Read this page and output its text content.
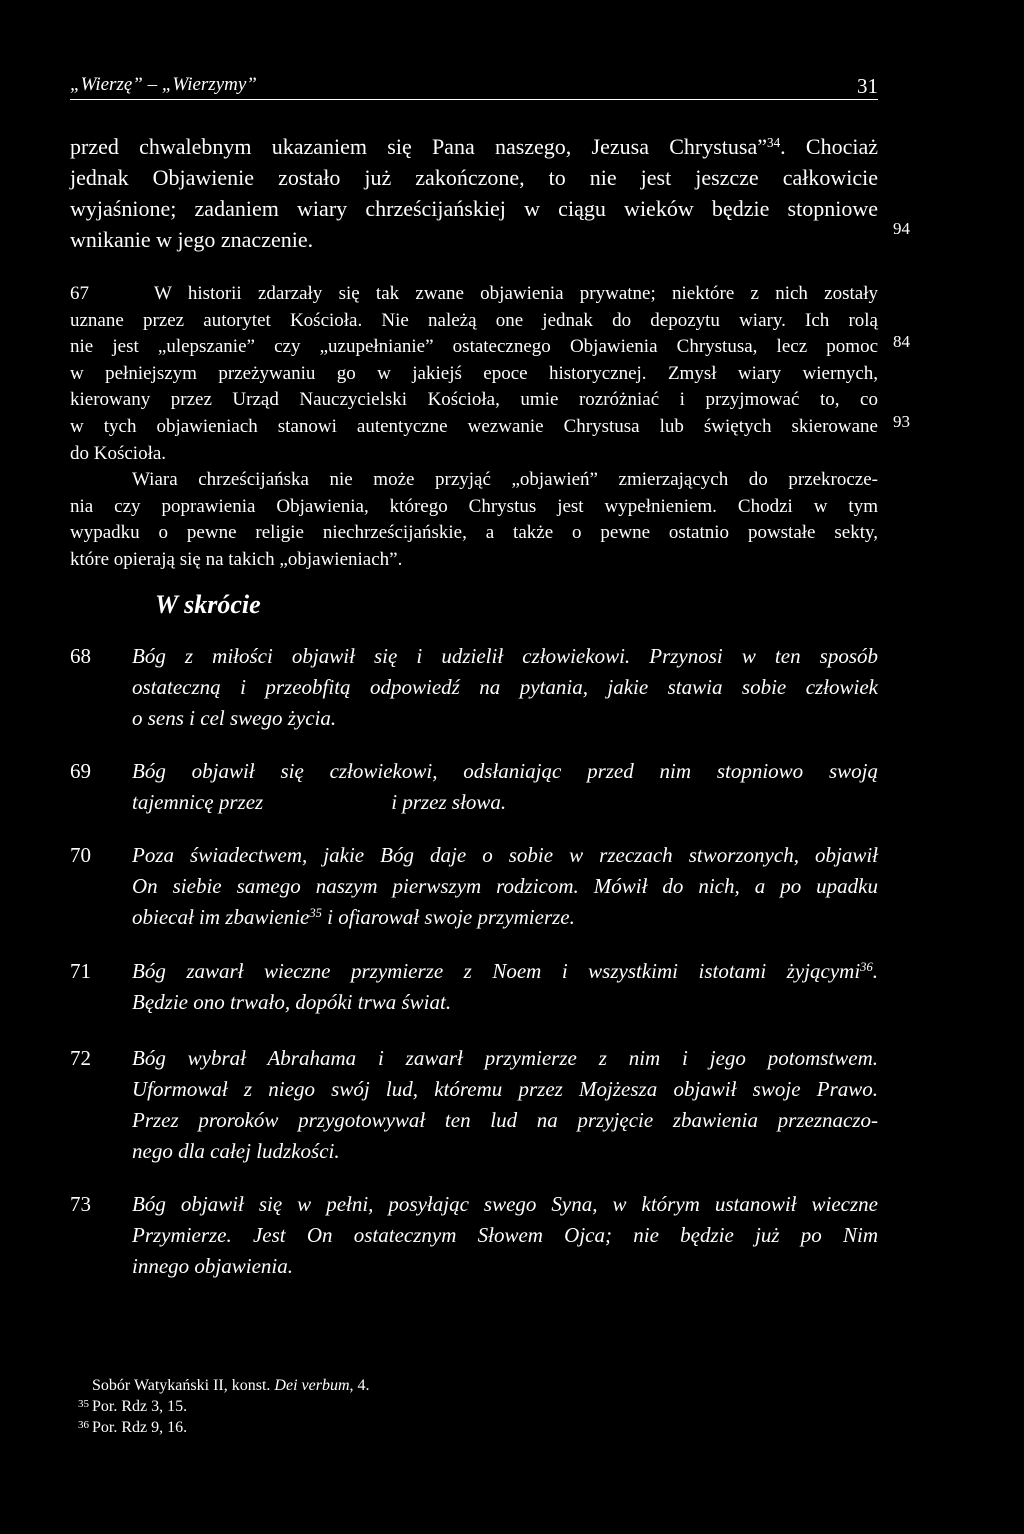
„Wierzę” – „Wierzymy”	31
przed chwalebnym ukazaniem się Pana naszego, Jezusa Chrystusa”$^{34}$. Chociaż
jednak Objawienie zostało już zakończone, to nie jest jeszcze całkowicie
wyjaśnione; zadaniem wiary chrześcijańskiej w ciągu wieków będzie stopniowe
wnikanie w jego znaczenie.	94
67	W historii zdarzały się tak zwane objawienia prywatne; niektóre z nich zostały
uznane przez autorytet Kościoła. Nie należą one jednak do depozytu wiary. Ich rolą
nie jest „ulepszanie” czy „uzupełnianie” ostatecznego Objawienia Chrystusa, lecz pomoc
w pełniejszym przeżywaniu go w jakiejś epoce historycznej. Zmysł wiary wiernych,
kierowany przez Urząd Nauczycielski Kościoła, umie rozróżniać i przyjmować to, co
w tych objawieniach stanowi autentyczne wezwanie Chrystusa lub świętych skierowane
do Kościoła.
Wiara chrześcijańska nie może przyjąć „objawień” zmierzających do przekrocze-
nia czy poprawienia Objawienia, którego Chrystus jest wypełnieniem. Chodzi w tym
wypadku o pewne religie niechrześcijańskie, a także o pewne ostatnio powstałe sekty,
które opierają się na takich „objawieniach”.
84
93
W skrócie
68 Bóg z miłości objawił się i udzielił człowiekowi. Przynosi w ten sposób
ostateczną i przeobfitą odpowiedź na pytania, jakie stawia sobie człowiek
o sens i cel swego życia.
69 Bóg objawił się człowiekowi, odsłaniając przed nim stopniowo swoją
tajemnicę przez	i przez słowa.
70 Poza świadectwem, jakie Bóg daje o sobie w rzeczach stworzonych, objawił
On siebie samego naszym pierwszym rodzicom. Mówił do nich, a po upadku
obiecał im zbawienie$^{35}$ i ofiarował swoje przymierze.
71 Bóg zawarł wieczne przymierze z Noem i wszystkimi istotami żyjącymi$^{36}$.
Będzie ono trwało, dopóki trwa świat.
72 Bóg wybrał Abrahama i zawarł przymierze z nim i jego potomstwem.
Uformował z niego swój lud, któremu przez Mojżesza objawił swoje Prawo.
Przez proroków przygotowywał ten lud na przyjęcie zbawienia przeznaczo-
nego dla całej ludzkości.
73 Bóg objawił się w pełni, posyłając swego Syna, w którym ustanowił wieczne
Przymierze. Jest On ostatecznym Słowem Ojca; nie będzie już po Nim
innego objawienia.
Sobór Watykański II, konst. Dei verbum, 4.
35 Por. Rdz 3, 15.
36 Por. Rdz 9, 16.
